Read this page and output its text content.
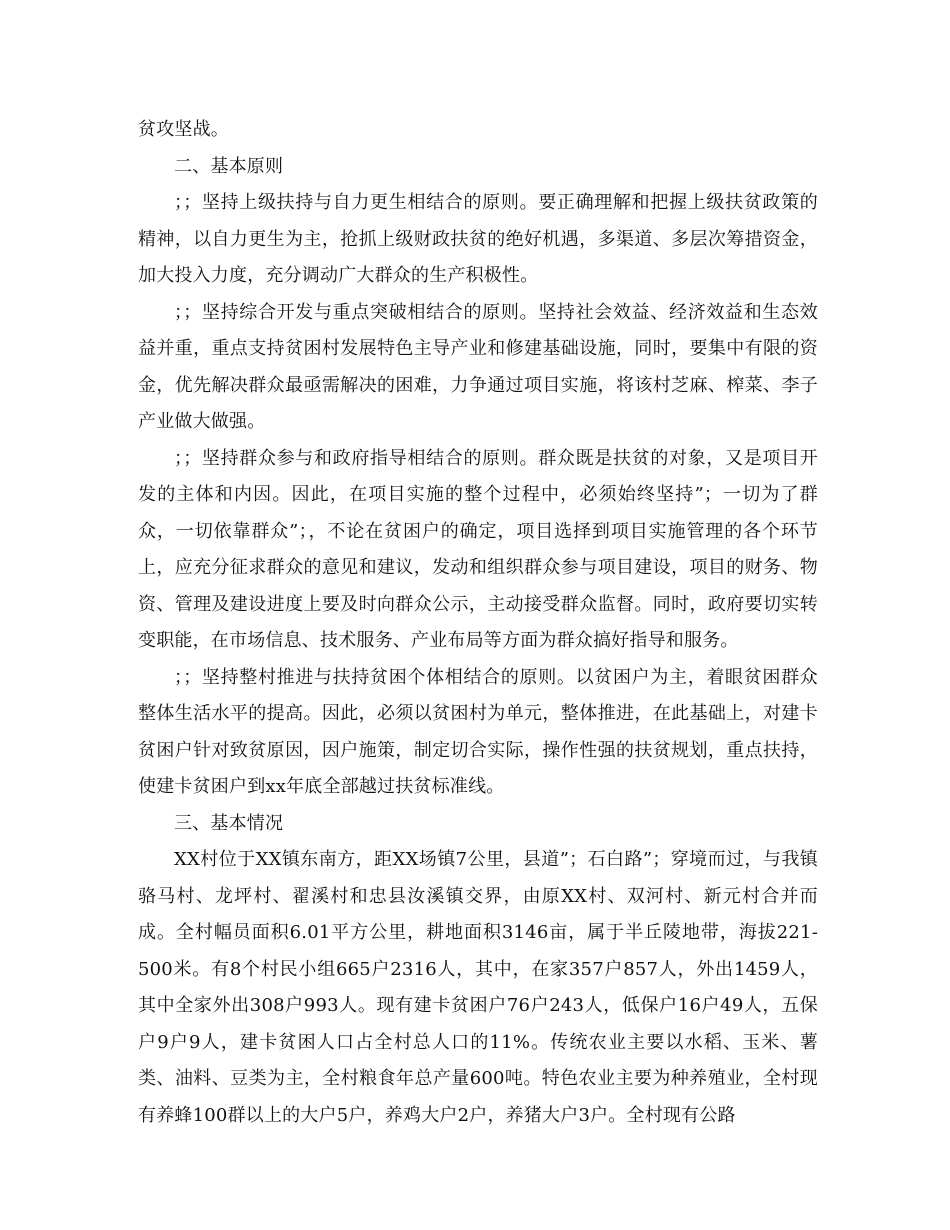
贫攻坚战。

二、基本原则

；；坚持上级扶持与自力更生相结合的原则。要正确理解和把握上级扶贫政策的精神，以自力更生为主，抢抓上级财政扶贫的绝好机遇，多渠道、多层次筹措资金，加大投入力度，充分调动广大群众的生产积极性。

；；坚持综合开发与重点突破相结合的原则。坚持社会效益、经济效益和生态效益并重，重点支持贫困村发展特色主导产业和修建基础设施，同时，要集中有限的资金，优先解决群众最亟需解决的困难，力争通过项目实施，将该村芝麻、榨菜、李子产业做大做强。

；；坚持群众参与和政府指导相结合的原则。群众既是扶贫的对象，又是项目开发的主体和内因。因此，在项目实施的整个过程中，必须始终坚持”；一切为了群众，一切依靠群众”；，不论在贫困户的确定，项目选择到项目实施管理的各个环节上，应充分征求群众的意见和建议，发动和组织群众参与项目建设，项目的财务、物资、管理及建设进度上要及时向群众公示，主动接受群众监督。同时，政府要切实转变职能，在市场信息、技术服务、产业布局等方面为群众搞好指导和服务。

；；坚持整村推进与扶持贫困个体相结合的原则。以贫困户为主，着眼贫困群众整体生活水平的提高。因此，必须以贫困村为单元，整体推进，在此基础上，对建卡贫困户针对致贫原因，因户施策，制定切合实际，操作性强的扶贫规划，重点扶持，使建卡贫困户到xx年底全部越过扶贫标准线。

三、基本情况

XX村位于XX镇东南方，距XX场镇7公里，县道”；石白路”；穿境而过，与我镇骆马村、龙坪村、翟溪村和忠县汝溪镇交界，由原XX村、双河村、新元村合并而成。全村幅员面积6.01平方公里，耕地面积3146亩，属于半丘陵地带，海拔221-500米。有8个村民小组665户2316人，其中，在家357户857人，外出1459人，其中全家外出308户993人。现有建卡贫困户76户243人，低保户16户49人，五保户9户9人，建卡贫困人口占全村总人口的11%。传统农业主要以水稻、玉米、薯类、油料、豆类为主，全村粮食年总产量600吨。特色农业主要为种养殖业，全村现有养蜂100群以上的大户5户，养鸡大户2户，养猪大户3户。全村现有公路
